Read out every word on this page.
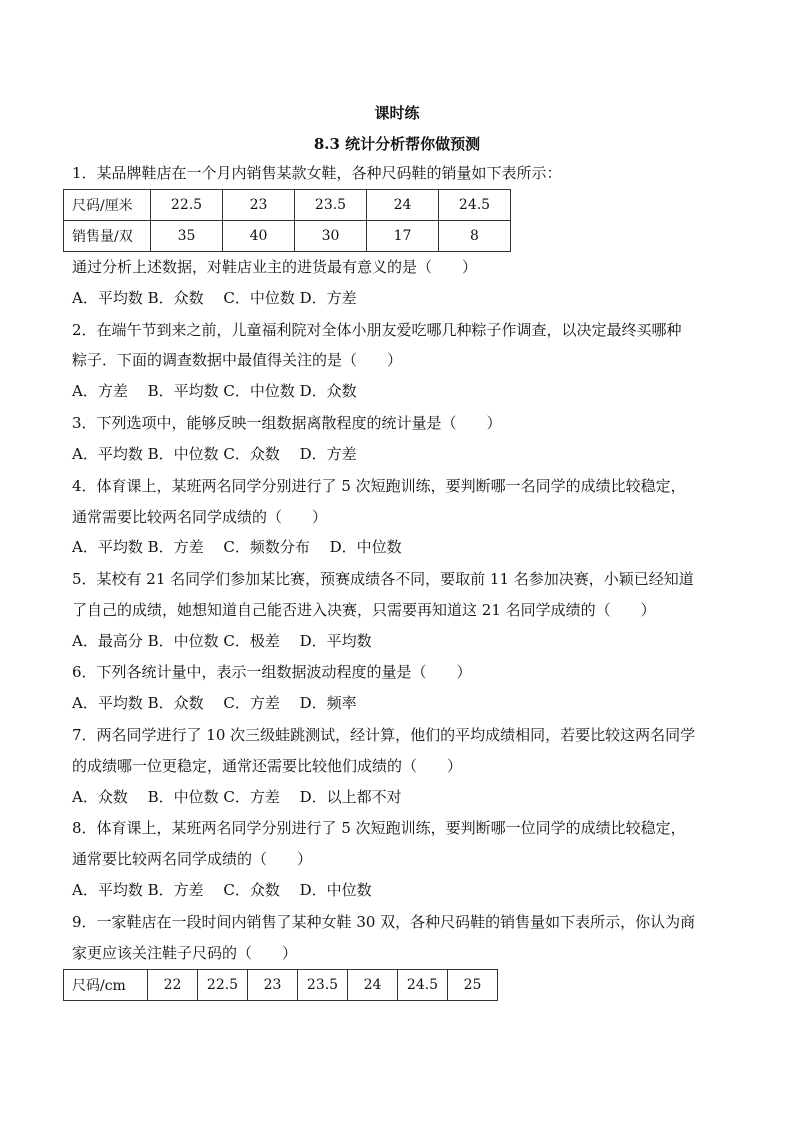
课时练
8.3 统计分析帮你做预测
1．某品牌鞋店在一个月内销售某款女鞋，各种尺码鞋的销量如下表所示：
尺码/厘米	22.5	23	23.5	24	24.5
销售量/双	35	40	30	17	8
通过分析上述数据，对鞋店业主的进货最有意义的是（　　）
A．平均数 B．众数　 C．中位数 D．方差
2．在端午节到来之前，儿童福利院对全体小朋友爱吃哪几种粽子作调查，以决定最终买哪种
粽子．下面的调查数据中最值得关注的是（　　）
A．方差　 B．平均数 C．中位数 D．众数
3．下列选项中，能够反映一组数据离散程度的统计量是（　　）
A．平均数 B．中位数 C．众数　 D．方差
4．体育课上，某班两名同学分别进行了 5 次短跑训练，要判断哪一名同学的成绩比较稳定，
通常需要比较两名同学成绩的（　　）
A．平均数 B．方差　 C．频数分布　 D．中位数
5．某校有 21 名同学们参加某比赛，预赛成绩各不同，要取前 11 名参加决赛，小颖已经知道
了自己的成绩，她想知道自己能否进入决赛，只需要再知道这 21 名同学成绩的（　　）
A．最高分 B．中位数 C．极差　 D．平均数
6．下列各统计量中，表示一组数据波动程度的量是（　　）
A．平均数 B．众数　 C．方差　 D．频率
7．两名同学进行了 10 次三级蛙跳测试，经计算，他们的平均成绩相同，若要比较这两名同学
的成绩哪一位更稳定，通常还需要比较他们成绩的（　　）
A．众数　 B．中位数 C．方差　 D．以上都不对
8．体育课上，某班两名同学分别进行了 5 次短跑训练，要判断哪一位同学的成绩比较稳定，
通常要比较两名同学成绩的（　　）
A．平均数 B．方差　 C．众数　 D．中位数
9．一家鞋店在一段时间内销售了某种女鞋 30 双，各种尺码鞋的销售量如下表所示，你认为商
家更应该关注鞋子尺码的（　　）
尺码/cm	22	22.5	23	23.5	24	24.5	25
